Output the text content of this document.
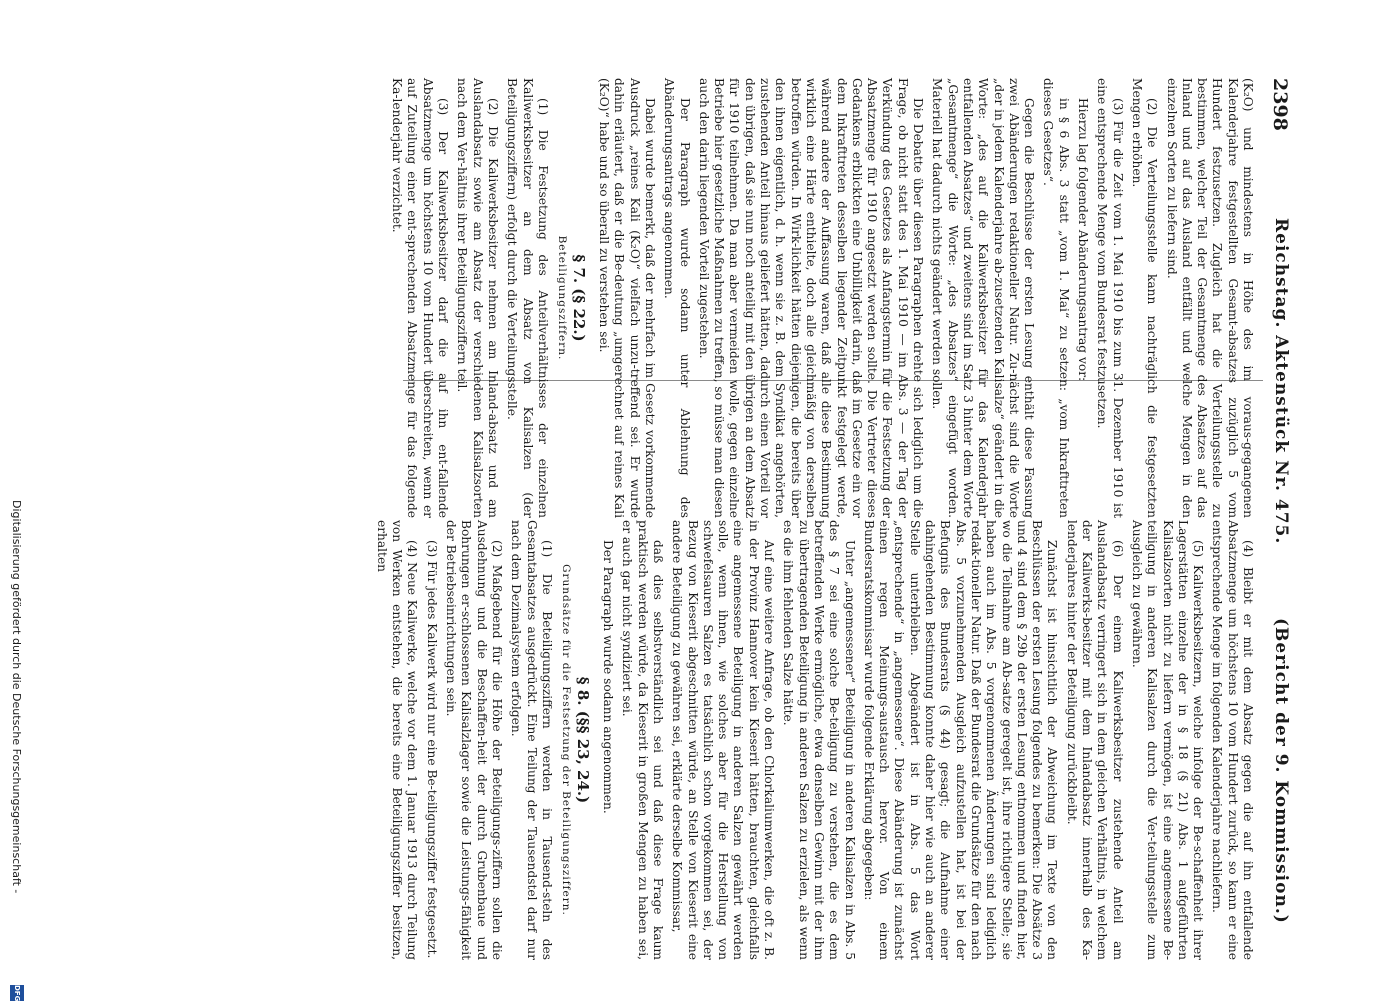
2398
Reichstag. Aktenstück Nr. 475.
(Bericht der 9. Kommission.)

(K₂O) und mindestens in Höhe des im voraus-gegangenen Kalenderjahre festgestellten Gesamt-absatzes zuzüglich 5 vom Hundert festzusetzen. Zugleich hat die Verteilungsstelle zu bestimmen, welcher Teil der Gesamtmenge des Absatzes auf das Inland und auf das Ausland entfällt und welche Mengen in den einzelnen Sorten zu liefern sind.

(2) Die Verteilungsstelle kann nachträglich die festgesetzten Mengen erhöhen.

(3) Für die Zeit vom 1. Mai 1910 bis zum 31. Dezember 1910 ist eine entsprechende Menge vom Bundesrat festzusetzen.

Hierzu lag folgender Abänderungsantrag vor:

in § 6 Abs. 3 statt „vom 1. Mai“ zu setzen: „vom Inkrafttreten dieses Gesetzes“.

Gegen die Beschlüsse der ersten Lesung enthält diese Fassung zwei Abänderungen redaktioneller Natur. Zu-nächst sind die Worte „der in jedem Kalenderjahre ab-zusetzenden Kalisalze“ geändert in die Worte: „des auf die Kaliwerksbesitzer für das Kalenderjahr entfallenden Absatzes“ und zweitens sind im Satz 3 hinter dem Worte „Gesamtmenge“ die Worte: „des Absatzes“ eingefügt worden. Materiell hat dadurch nichts geändert werden sollen.

Die Debatte über diesen Paragraphen drehte sich lediglich um die Frage, ob nicht statt des 1. Mai 1910 — im Abs. 3 — der Tag der Verkündung des Gesetzes als Anfangstermin für die Festsetzung der Absatzmenge für 1910 angesetzt werden sollte. Die Vertreter dieses Gedankens erblickten eine Unbilligkeit darin, daß im Gesetze ein vor dem Inkrafttreten desselben liegender Zeitpunkt festgelegt werde, während andere der Auffassung waren, daß alle diese Bestimmung wirklich eine Härte enthielte, doch alle gleichmäßig von derselben betroffen würden. In Wirk-lichkeit hätten diejenigen, die bereits über den ihnen eigentlich, d. h. wenn sie z. B. dem Syndikat angehörten, zustehenden Anteil hinaus geliefert hätten, dadurch einen Vorteil vor den übrigen, daß sie nun noch anteilig mit den übrigen an dem Absatz für 1910 teilnehmen. Da man aber vermeiden wolle, gegen einzelne Betriebe hier gesetzliche Maßnahmen zu treffen, so müsse man diesen auch den darin liegenden Vorteil zugestehen.

Der Paragraph wurde sodann unter Ablehnung des Abänderungsantrags angenommen.

Dabei wurde bemerkt, daß der mehrfach im Gesetz vorkommende Ausdruck „reines Kali (K₂O)“ vielfach unzu-treffend sei. Er wurde dahin erläutert, daß er die Be-deutung „umgerechnet auf reines Kali (K₂O)“ habe und so überall zu verstehen sei.

§ 7. (§ 22.)
Beteiligungsziffern.

(1) Die Festsetzung des Anteilverhältnisses der einzelnen Kaliwerksbesitzer an dem Absatz von Kalisalzen (der Beteiligungsziffern) erfolgt durch die Verteilungsstelle.

(2) Die Kaliwerksbesitzer nehmen am Inland-absatz und am Auslandabsatz sowie am Absatz der verschiedenen Kalisalzsorten nach dem Ver-hältnis ihrer Beteiligungsziffern teil.

(3) Der Kaliwerksbesitzer darf die auf ihn ent-fallende Absatzmenge um höchstens 10 vom Hundert überschreiten, wenn er auf Zuteilung einer ent-sprechenden Absatzmenge für das folgende Ka-lenderjahr verzichtet.

(4) Bleibt er mit dem Absatz gegen die auf ihn entfallende Absatzmenge um höchstens 10 vom Hundert zurück, so kann er eine entsprechende Menge im folgenden Kalenderjahre nachliefern.

(5) Kaliwerksbesitzern, welche infolge der Be-schaffenheit ihrer Lagerstätten einzelne der in § 18 (§ 21) Abs. 1 aufgeführten Kalisalzsorten nicht zu liefern vermögen, ist eine angemessene Be-teiligung in anderen Kalisalzen durch die Ver-teilungsstelle zum Ausgleich zu gewähren.

(6) Der einem Kaliwerksbesitzer zustehende Anteil am Auslandabsatz verringert sich in dem gleichen Verhältnis, in welchem der Kaliwerks-besitzer mit dem Inlandabsatz innerhalb des Ka-lenderjahres hinter der Beteiligung zurückbleibt.

Zunächst ist hinsichtlich der Abweichung im Texte von den Beschlüssen der ersten Lesung folgendes zu bemerken: Die Absätze 3 und 4 sind dem § 29b der ersten Lesung entnommen und finden hier, wo die Teilnahme am Ab-satze geregelt ist, ihre richtigere Stelle; sie haben auch im Abs. 5 vorgenommenen Änderungen sind lediglich redak-tioneller Natur. Daß der Bundesrat die Grundsätze für den nach Abs. 5 vorzunehmenden Ausgleich aufzustellen hat, ist bei der Befugnis des Bundesrats (§ 44) gesagt; die Aufnahme einer dahingehenden Bestimmung konnte daher hier wie auch an anderer Stelle unterbleiben. Abgeändert ist in Abs. 5 das Wort „entsprechende“ in „angemessene“. Diese Abänderung ist zunächst einen regen Meinungs-austausch hervor. Von einem Bundesratskommissar wurde folgende Erklärung abgegeben:

Unter „angemessener“ Beteiligung in anderen Kalisalzen in Abs. 5 des § 7 sei eine solche Be-teiligung zu verstehen, die es dem betreffenden Werke ermögliche, etwa denselben Gewinn mit der ihm zu übertragenden Beteiligung in anderen Salzen zu erzielen, als wenn es die ihm fehlenden Salze hätte.

Auf eine weitere Anfrage, ob den Chlorkaliumwerken, die oft z. B. in der Provinz Hannover kein Kieserit hätten, brauchten, gleichfalls eine angemessene Beteiligung in anderen Salzen gewährt werden solle, wenn ihnen, wie solches aber für die Herstellung von schwefelsauren Salzen es tatsächlich schon vorgekommen sei, der Bezug von Kieserit abgeschnitten würde, an Stelle von Kieserit eine andere Beteiligung zu gewähren sei, erklärte derselbe Kommissar,

daß dies selbstverständlich sei und daß diese Frage kaum praktisch werden würde, da Kieserit in großen Mengen zu haben sei, er auch gar nicht syndiziert sei.

Der Paragraph wurde sodann angenommen.

§ 8. (§§ 23, 24.)
Grundsätze für die Festsetzung der Beteiligungsziffern.

(1) Die Beteiligungsziffern werden in Tausend-steln des Gesamtabsatzes ausgedrückt. Eine Teilung der Tausendstel darf nur nach dem Dezimalsystem erfolgen.

(2) Maßgebend für die Höhe der Beteiligungs-ziffern sollen die Ausdehnung und die Beschaffen-heit der durch Grubenbaue und Bohrungen er-schlossenen Kalisalzlager sowie die Leistungs-fähigkeit der Betriebseinrichtungen sein.

(3) Für jedes Kaliwerk wird nur eine Be-teiligungsziffer festgesetzt.

(4) Neue Kaliwerke, welche vor dem 1. Januar 1913 durch Teilung von Werken entstehen, die bereits eine Beteiligungsziffer besitzen, erhalten

Digitalisierung gefördert durch die Deutsche Forschungsgemeinschaft -
DFG
